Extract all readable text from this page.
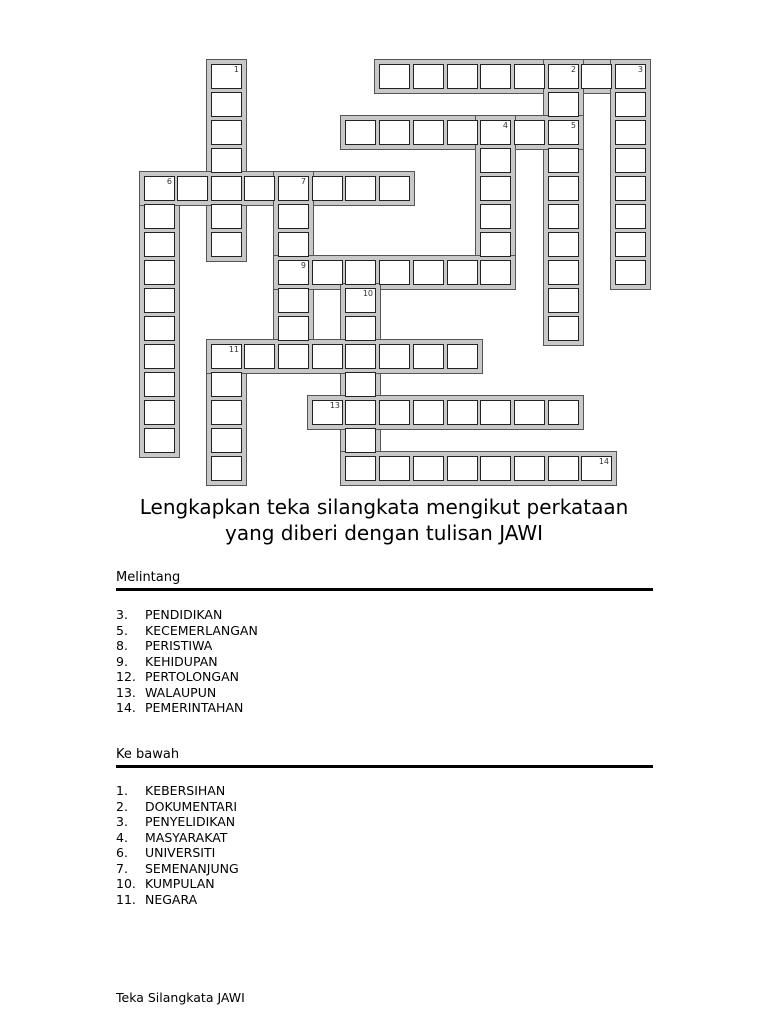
1	2	3
5
4
6	7
9
10
11
13
14
Lengkapkan teka silangkata mengikut perkataan
yang diberi dengan tulisan JAWI
Melintang
3.	PENDIDIKAN
5.	KECEMERLANGAN
8.	PERISTIWA
9.	KEHIDUPAN
12. PERTOLONGAN
13. WALAUPUN
14. PEMERINTAHAN
Ke bawah
1.	KEBERSIHAN
2.	DOKUMENTARI
3.	PENYELIDIKAN
4.	MASYARAKAT
6.	UNIVERSITI
7.	SEMENANJUNG
10. KUMPULAN
11. NEGARA
Teka Silangkata JAWI
